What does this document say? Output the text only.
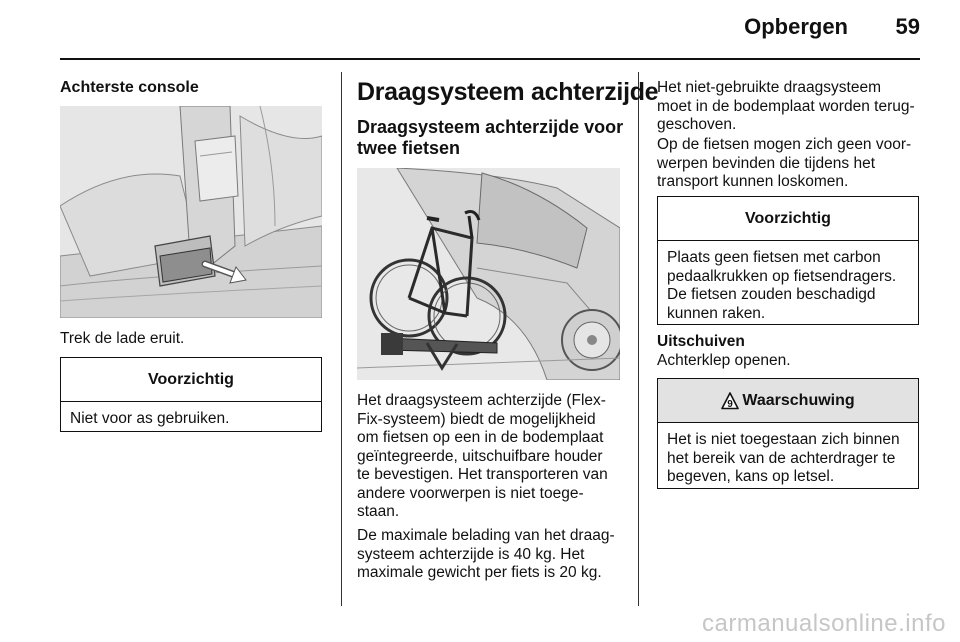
Opbergen 59
Achterste console
Trek de lade eruit.
Voorzichtig
Niet voor as gebruiken.
Draagsysteem achterzijde
Draagsysteem achterzijde voor twee fietsen
Het draagsysteem achterzijde (Flex-
Fix-systeem) biedt de mogelijkheid
om fietsen op een in de bodemplaat
geïntegreerde, uitschuifbare houder
te bevestigen. Het transporteren van
andere voorwerpen is niet toege-
staan.
De maximale belading van het draag-
systeem achterzijde is 40 kg. Het
maximale gewicht per fiets is 20 kg.
Het niet-gebruikte draagsysteem
moet in de bodemplaat worden terug-
geschoven.
Op de fietsen mogen zich geen voor-
werpen bevinden die tijdens het
transport kunnen loskomen.
Voorzichtig
Plaats geen fietsen met carbon
pedaalkrukken op fietsendragers.
De fietsen zouden beschadigd
kunnen raken.
Uitschuiven
Achterklep openen.
9 Waarschuwing
Het is niet toegestaan zich binnen
het bereik van de achterdrager te
begeven, kans op letsel.
carmanualsonline.info
